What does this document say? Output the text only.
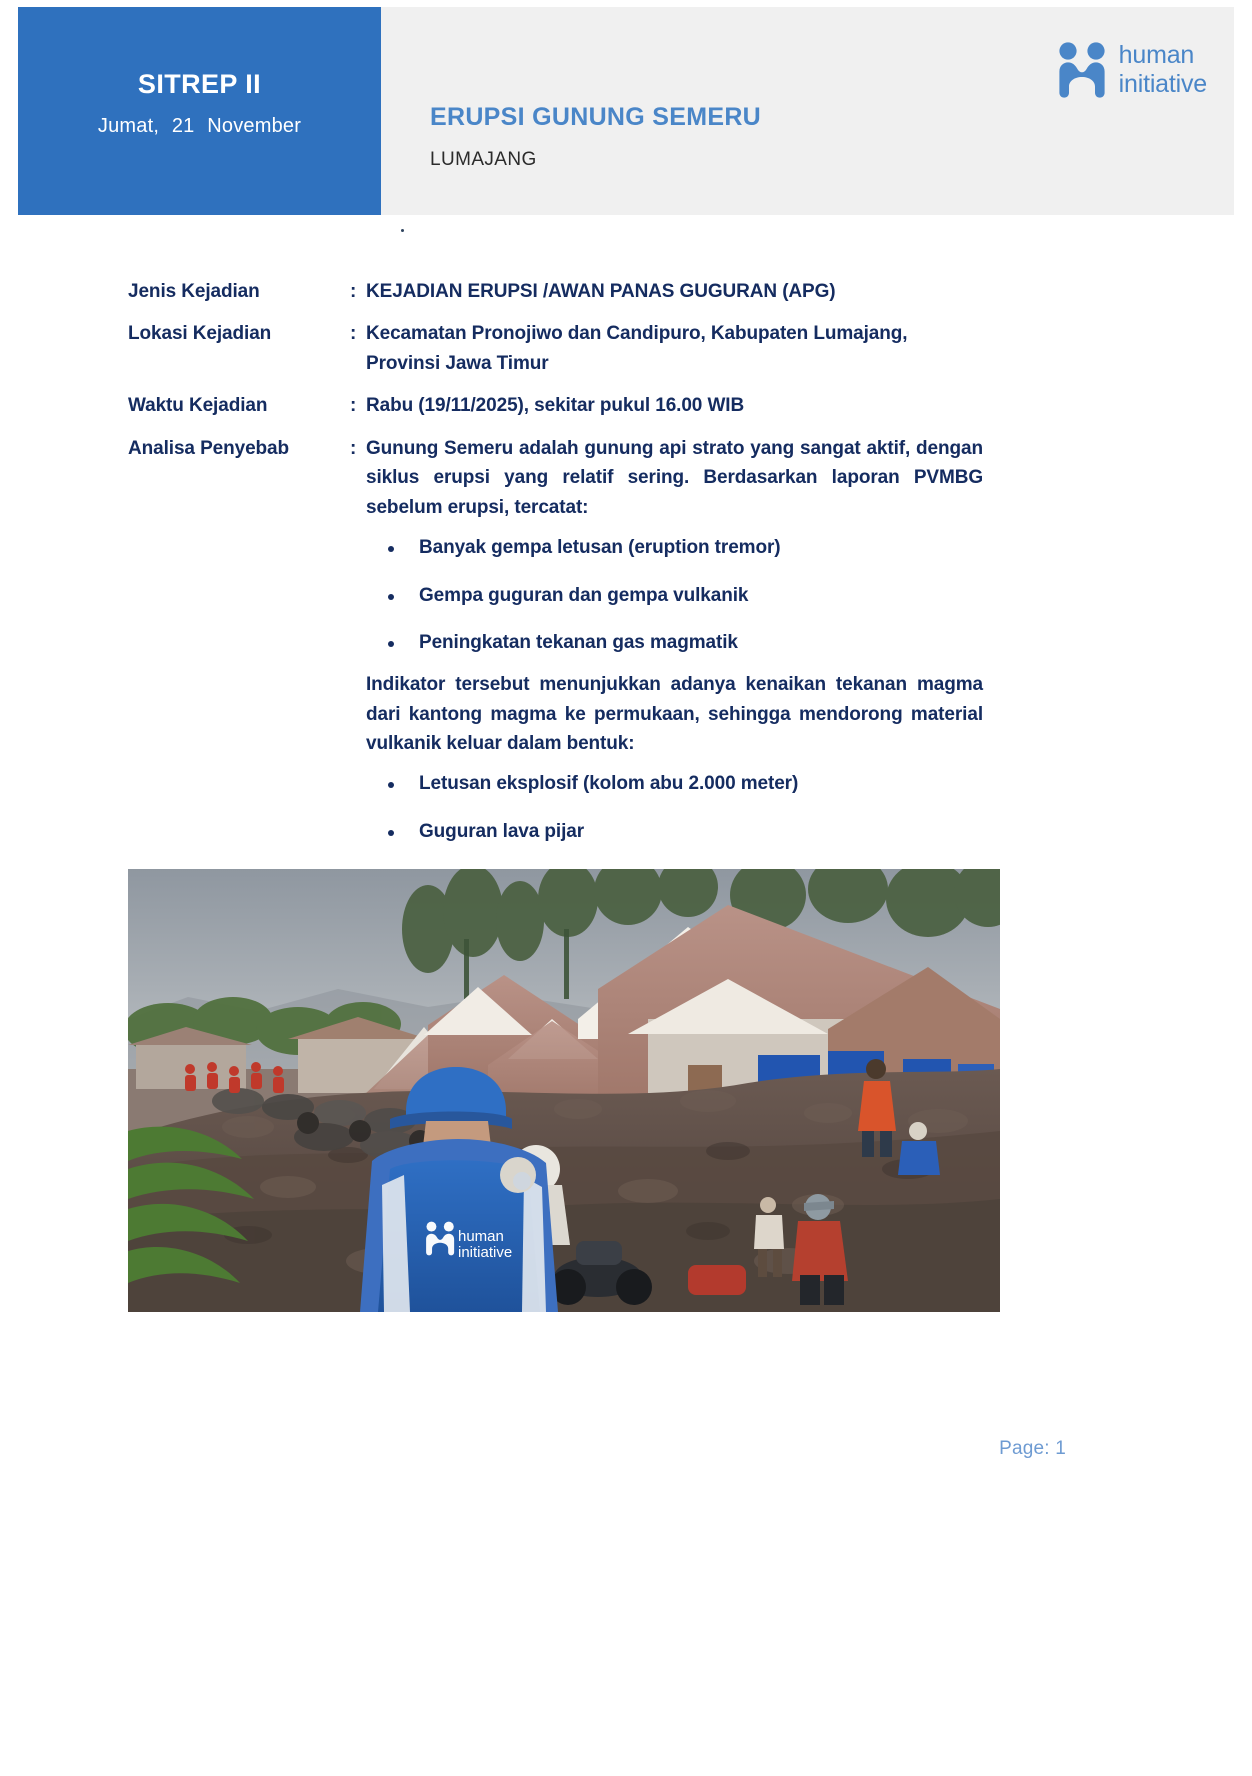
SITREP II
Jumat, 21 November	ERUPSI GUNUNG SEMERU
LUMAJANG
human
initiative
Jenis Kejadian	: KEJADIAN ERUPSI /AWAN PANAS GUGURAN (APG)
Lokasi Kejadian	: Kecamatan Pronojiwo dan Candipuro, Kabupaten Lumajang, Provinsi Jawa Timur
Waktu Kejadian	: Rabu (19/11/2025), sekitar pukul 16.00 WIB
Analisa Penyebab	: Gunung Semeru adalah gunung api strato yang sangat aktif, dengan siklus erupsi yang relatif sering. Berdasarkan laporan PVMBG sebelum erupsi, tercatat:
Banyak gempa letusan (eruption tremor)
Gempa guguran dan gempa vulkanik
Peningkatan tekanan gas magmatik
Indikator tersebut menunjukkan adanya kenaikan tekanan magma dari kantong magma ke permukaan, sehingga mendorong material vulkanik keluar dalam bentuk:
Letusan eksplosif (kolom abu 2.000 meter)
Guguran lava pijar
human
initiative
Page: 1
